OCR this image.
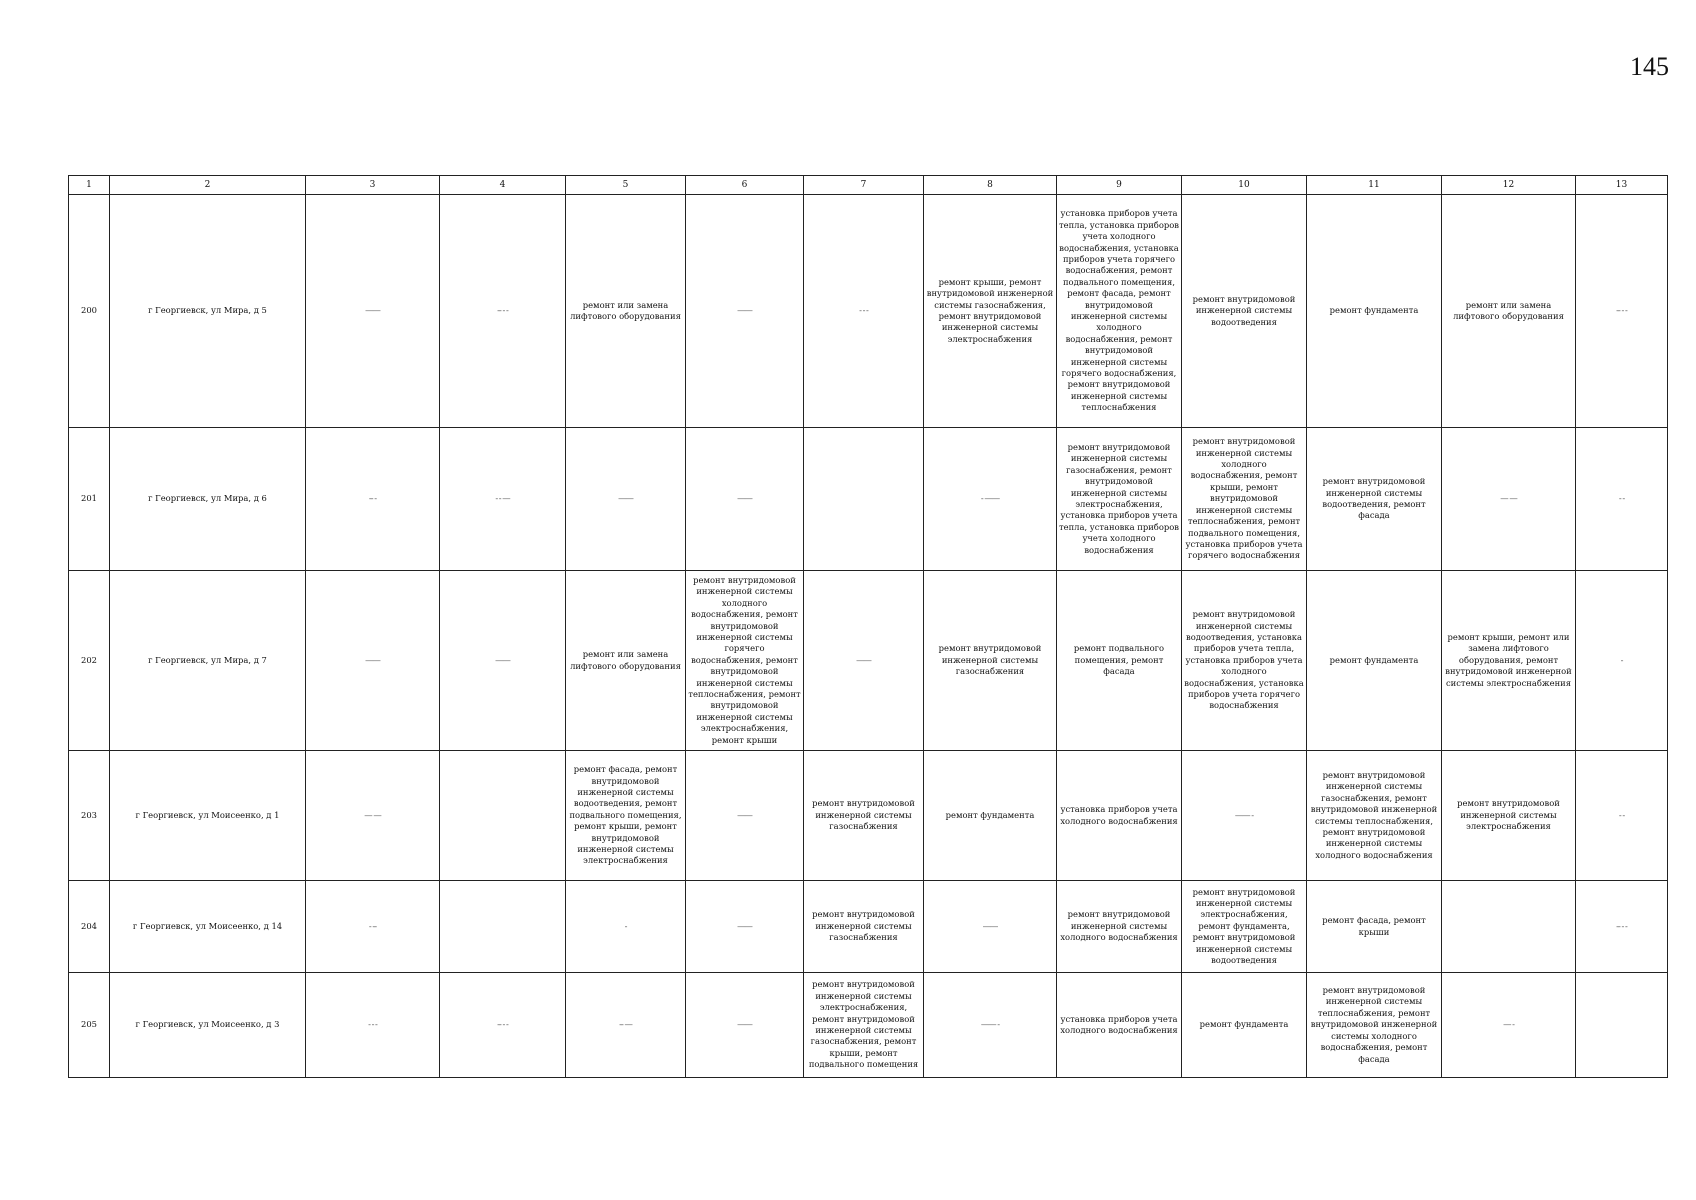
145
1	2	3	4	5	6	7	8	9	10	11	12	13
200	г Георгиевск, ул Мира, д 5	——	-- - -	ремонт или замена лифтового оборудования	——	- - -	ремонт крыши, ремонт внутридомовой инженерной системы газоснабжения, ремонт внутридомовой инженерной системы электроснабжения	установка приборов учета тепла, установка приборов учета холодного водоснабжения, установка приборов учета горячего водоснабжения, ремонт подвального помещения, ремонт фасада, ремонт внутридомовой инженерной системы холодного водоснабжения, ремонт внутридомовой инженерной системы горячего водоснабжения, ремонт внутридомовой инженерной системы теплоснабжения	ремонт внутридомовой инженерной системы водоотведения	ремонт фундамента	ремонт или замена лифтового оборудования	-- - -
201	г Георгиевск, ул Мира, д 6	-- -	- - —	——	——		- ——	ремонт внутридомовой инженерной системы газоснабжения, ремонт внутридомовой инженерной системы электроснабжения, установка приборов учета тепла, установка приборов учета холодного водоснабжения	ремонт внутридомовой инженерной системы холодного водоснабжения, ремонт крыши, ремонт внутридомовой инженерной системы теплоснабжения, ремонт подвального помещения, установка приборов учета горячего водоснабжения	ремонт внутридомовой инженерной системы водоотведения, ремонт фасада	— —	- -
202	г Георгиевск, ул Мира, д 7	——	——	ремонт или замена лифтового оборудования	ремонт внутридомовой инженерной системы холодного водоснабжения, ремонт внутридомовой инженерной системы горячего водоснабжения, ремонт внутридомовой инженерной системы теплоснабжения, ремонт внутридомовой инженерной системы электроснабжения, ремонт крыши	——	ремонт внутридомовой инженерной системы газоснабжения	ремонт подвального помещения, ремонт фасада	ремонт внутридомовой инженерной системы водоотведения, установка приборов учета тепла, установка приборов учета холодного водоснабжения, установка приборов учета горячего водоснабжения	ремонт фундамента	ремонт крыши, ремонт или замена лифтового оборудования, ремонт внутридомовой инженерной системы электроснабжения	-
203	г Георгиевск, ул Моисеенко, д 1	— —		ремонт фасада, ремонт внутридомовой инженерной системы водоотведения, ремонт подвального помещения, ремонт крыши, ремонт внутридомовой инженерной системы электроснабжения	——	ремонт внутридомовой инженерной системы газоснабжения	ремонт фундамента	установка приборов учета холодного водоснабжения	—— -	ремонт внутридомовой инженерной системы газоснабжения, ремонт внутридомовой инженерной системы теплоснабжения, ремонт внутридомовой инженерной системы холодного водоснабжения	ремонт внутридомовой инженерной системы электроснабжения	- -
204	г Георгиевск, ул Моисеенко, д 14	- --		-	——	ремонт внутридомовой инженерной системы газоснабжения	——	ремонт внутридомовой инженерной системы холодного водоснабжения	ремонт внутридомовой инженерной системы электроснабжения, ремонт фундамента, ремонт внутридомовой инженерной системы водоотведения	ремонт фасада, ремонт крыши		-- - -
205	г Георгиевск, ул Моисеенко, д 3	- - -	-- - -	-- —	——	ремонт внутридомовой инженерной системы электроснабжения, ремонт внутридомовой инженерной системы газоснабжения, ремонт крыши, ремонт подвального помещения	—— -	установка приборов учета холодного водоснабжения	ремонт фундамента	ремонт внутридомовой инженерной системы теплоснабжения, ремонт внутридомовой инженерной системы холодного водоснабжения, ремонт фасада	— -	
